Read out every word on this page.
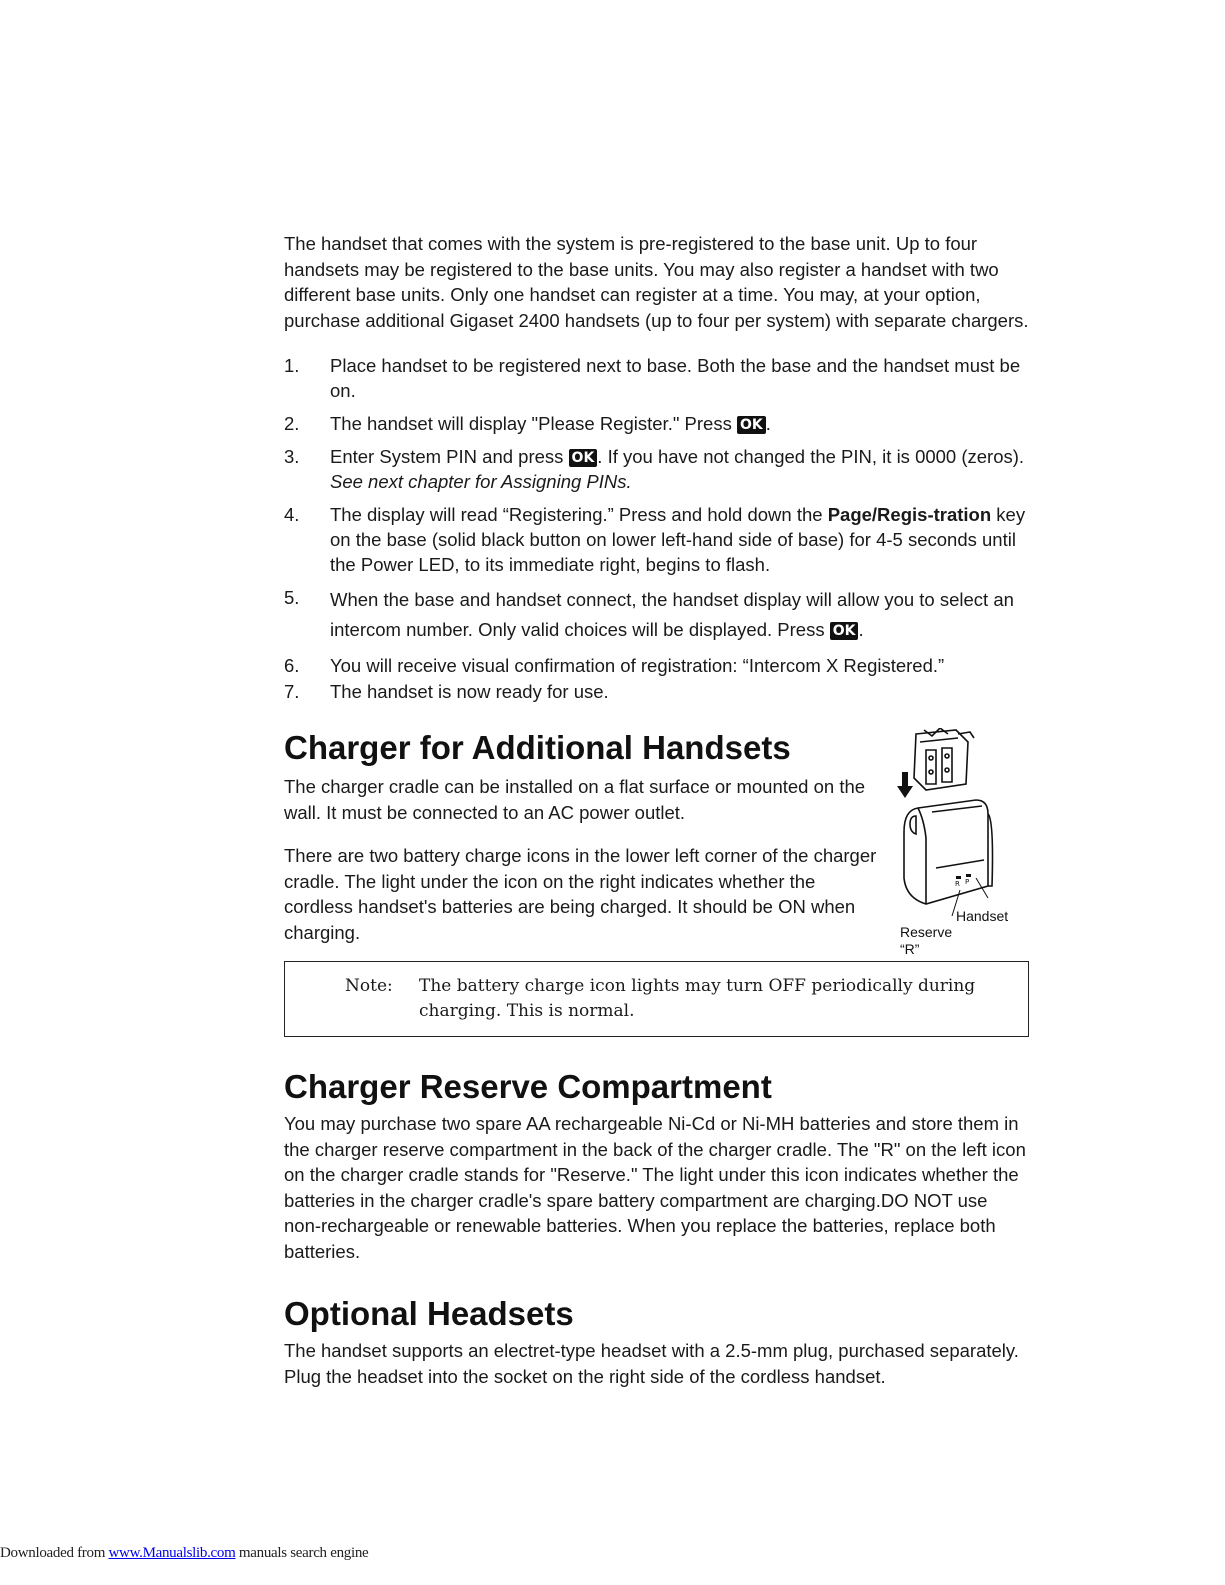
The handset that comes with the system is pre-registered to the base unit. Up to four handsets may be registered to the base units. You may also register a handset with two different base units. Only one handset can register at a time. You may, at your option, purchase additional Gigaset 2400 handsets (up to four per system) with separate chargers.

1.	Place handset to be registered next to base. Both the base and the handset must be on.
2.	The handset will display "Please Register." Press OK .
3.	Enter System PIN and press OK . If you have not changed the PIN, it is 0000 (zeros). See next chapter for Assigning PINs.
4.	The display will read “Registering.” Press and hold down the Page/Regis-tration key on the base (solid black button on lower left-hand side of base) for 4-5 seconds until the Power LED, to its immediate right, begins to flash.
5.	When the base and handset connect, the handset display will allow you to select an intercom number. Only valid choices will be displayed. Press OK .
6.	You will receive visual confirmation of registration: “Intercom X Registered.”
7.	The handset is now ready for use.
Charger for Additional Handsets

The charger cradle can be installed on a flat surface or mounted on the wall. It must be connected to an AC power outlet.

There are two battery charge icons in the lower left corner of the charger cradle. The light under the icon on the right indicates whether the cordless handset's batteries are being charged. It should be ON when charging.

R P
Handset
Reserve
“R”
Note:	The battery charge icon lights may turn OFF periodically during charging. This is normal.
Charger Reserve Compartment

You may purchase two spare AA rechargeable Ni-Cd or Ni-MH batteries and store them in the charger reserve compartment in the back of the charger cradle. The "R" on the left icon on the charger cradle stands for "Reserve." The light under this icon indicates whether the batteries in the charger cradle's spare battery compartment are charging.DO NOT use non-rechargeable or renewable batteries. When you replace the batteries, replace both batteries.

Optional Headsets

The handset supports an electret-type headset with a 2.5-mm plug, purchased separately. Plug the headset into the socket on the right side of the cordless handset.

Downloaded from www.Manualslib.com manuals search engine
